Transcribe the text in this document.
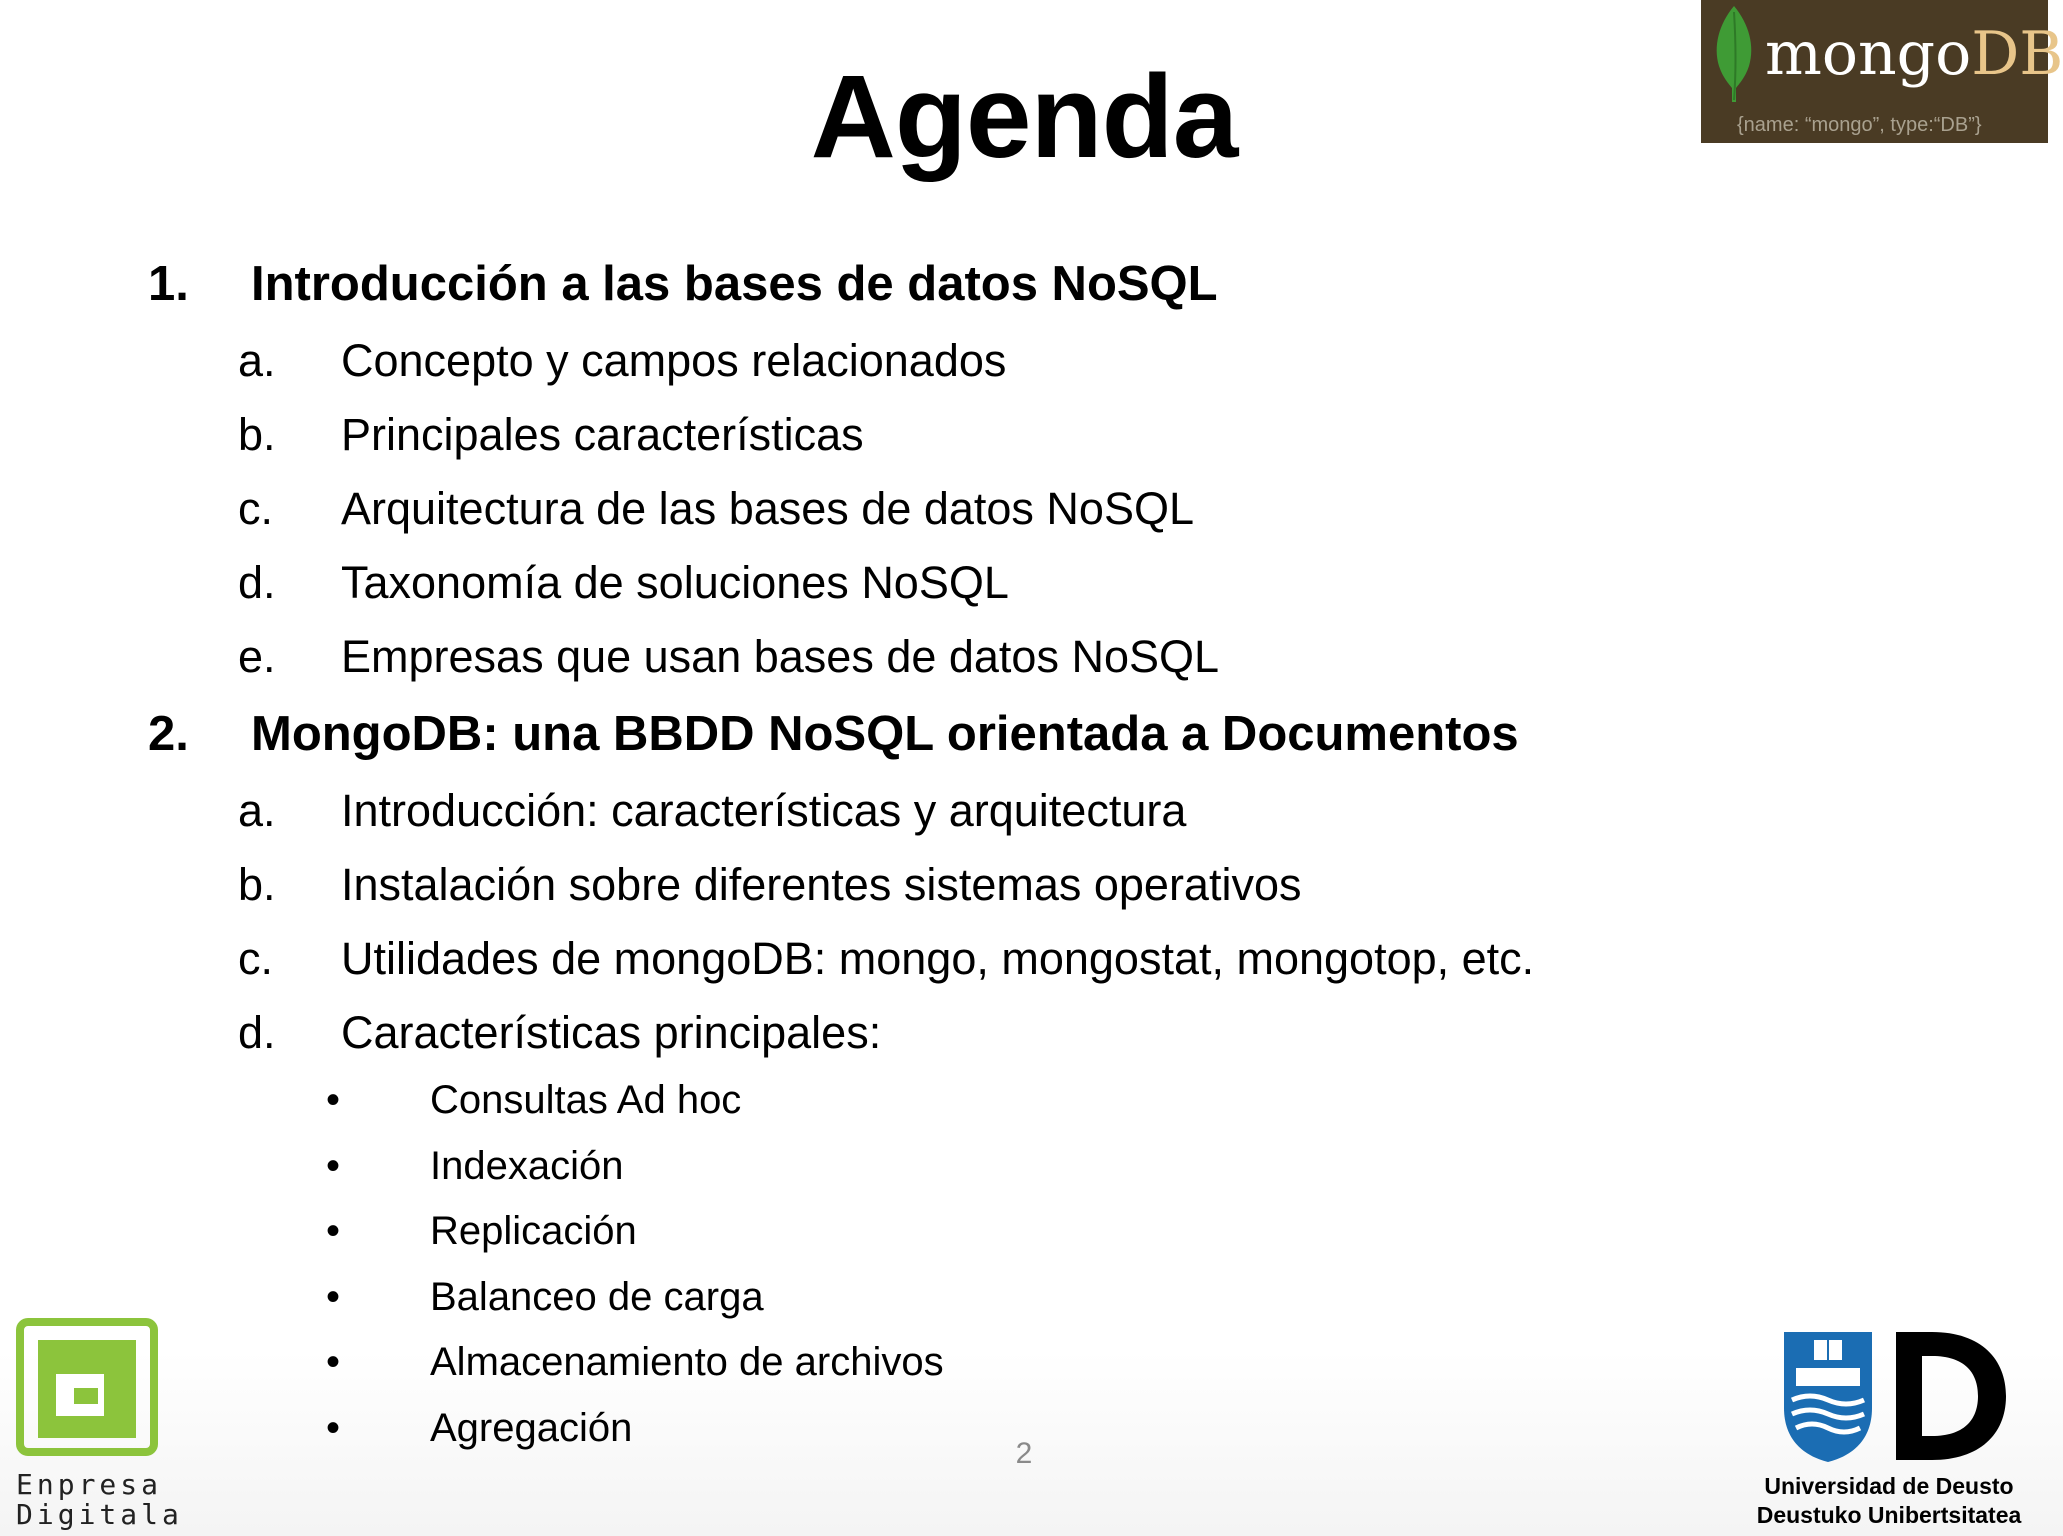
Agenda	mongoDB
{name: “mongo”, type:“DB”}
1. Introducción a las bases de datos NoSQL
a. Concepto y campos relacionados
b. Principales características
c. Arquitectura de las bases de datos NoSQL
d. Taxonomía de soluciones NoSQL
e. Empresas que usan bases de datos NoSQL
2. MongoDB: una BBDD NoSQL orientada a Documentos
a. Introducción: características y arquitectura
b. Instalación sobre diferentes sistemas operativos
c. Utilidades de mongoDB: mongo, mongostat, mongotop, etc.
d. Características principales:
• Consultas Ad hoc
• Indexación
• Replicación
• Balanceo de carga
• Almacenamiento de archivos
• Agregación
2
Enpresa
Digitala
Universidad de Deusto
Deustuko Unibertsitatea
